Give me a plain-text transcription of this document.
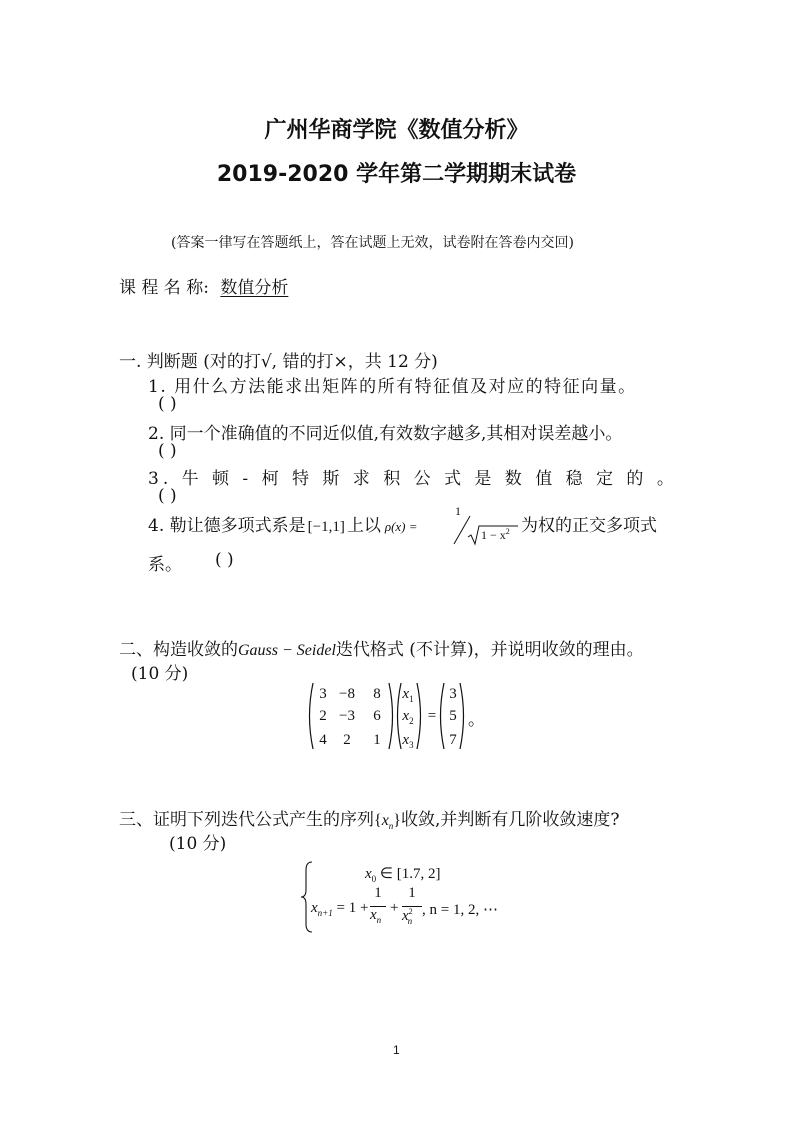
广州华商学院《数值分析》
2019-2020 学年第二学期期末试卷
(答案一律写在答题纸上，答在试题上无效，试卷附在答卷内交回)
课 程 名 称: 数值分析
一. 判断题 (对的打√, 错的打×，共 12 分)
1. 用什么方法能求出矩阵的所有特征值及对应的特征向量。
( )
2. 同一个准确值的不同近似值,有效数字越多,其相对误差越小。
( )
3. 牛 顿 - 柯 特 斯 求 积 公 式 是 数 值 稳 定 的 。
( )
4. 勒让德多项式系是 [−1,1] 上以 ρ(x) =
1
$1 - x^2$ 为权的正交多项式
系。 ( )
二、构造收敛的Gauss − Seidel迭代格式 (不计算)，并说明收敛的理由。
(10 分)
3 −8	8
2 −3	6
4	2	1
$x_1$
$x_2$
$x_3$
=
3
5
7
。
三、证明下列迭代公式产生的序列$\{x_n\}$收敛,并判断有几阶收敛速度?
(10 分)
$x_0$ ∈ [1.7, 2]
$x_{n+1} = 1$ +
1
$x_n$
+
1
$x^2_n$
, n = 1, 2, ⋯
1
